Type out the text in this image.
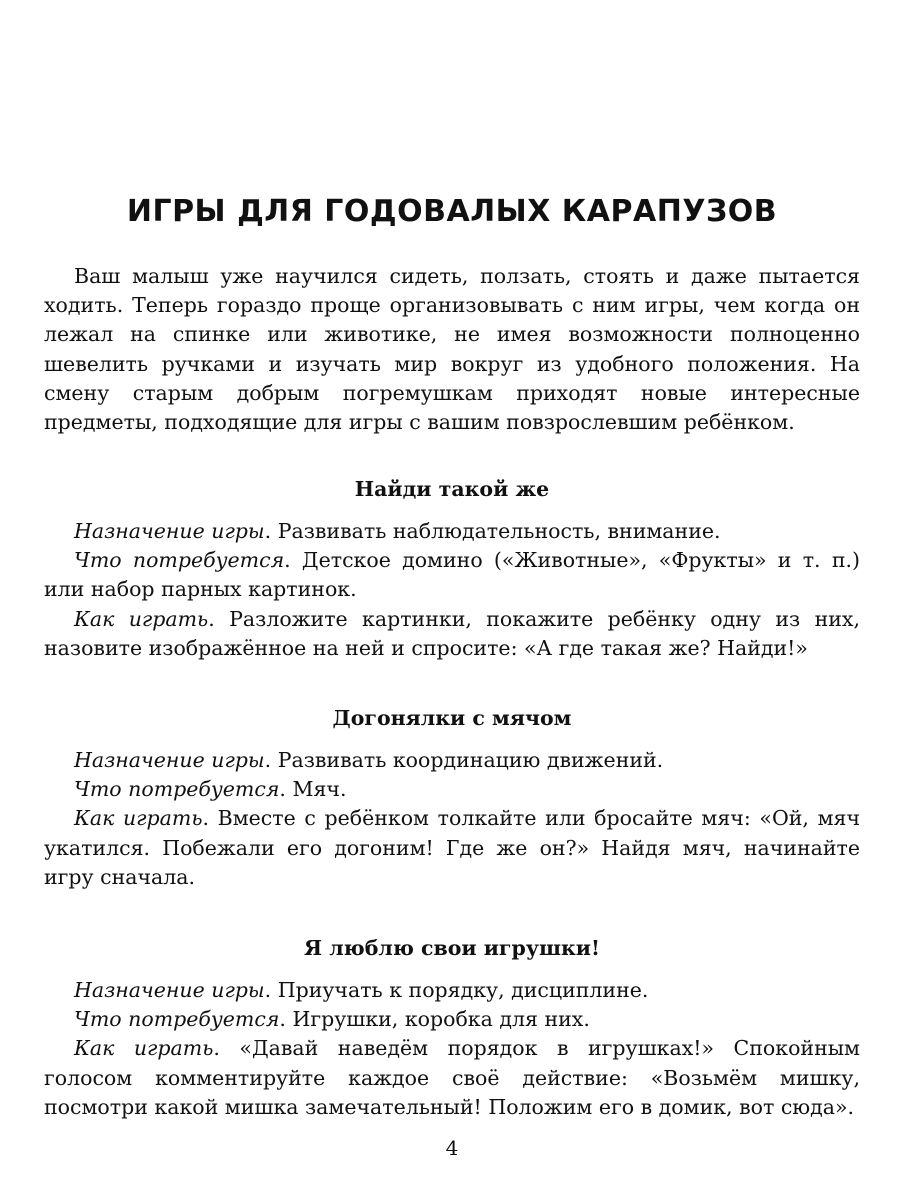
ИГРЫ ДЛЯ ГОДОВАЛЫХ КАРАПУЗОВ

Ваш малыш уже научился сидеть, ползать, стоять и даже пытается ходить. Теперь гораздо проще организовывать с ним игры, чем когда он лежал на спинке или животике, не имея возможности полноценно шевелить ручками и изучать мир вокруг из удобного положения. На смену старым добрым погремушкам приходят новые интересные предметы, подходящие для игры с вашим повзрослевшим ребёнком.

Найди такой же

Назначение игры. Развивать наблюдательность, внимание.

Что потребуется. Детское домино («Животные», «Фрукты» и т. п.) или набор парных картинок.

Как играть. Разложите картинки, покажите ребёнку одну из них, назовите изображённое на ней и спросите: «А где такая же? Найди!»

Догонялки с мячом

Назначение игры. Развивать координацию движений.

Что потребуется. Мяч.

Как играть. Вместе с ребёнком толкайте или бросайте мяч: «Ой, мяч укатился. Побежали его догоним! Где же он?» Найдя мяч, начинайте игру сначала.

Я люблю свои игрушки!

Назначение игры. Приучать к порядку, дисциплине.

Что потребуется. Игрушки, коробка для них.

Как играть. «Давай наведём порядок в игрушках!» Спокойным голосом комментируйте каждое своё действие: «Возьмём мишку, посмотри какой мишка замечательный! Положим его в домик, вот сюда».

4
